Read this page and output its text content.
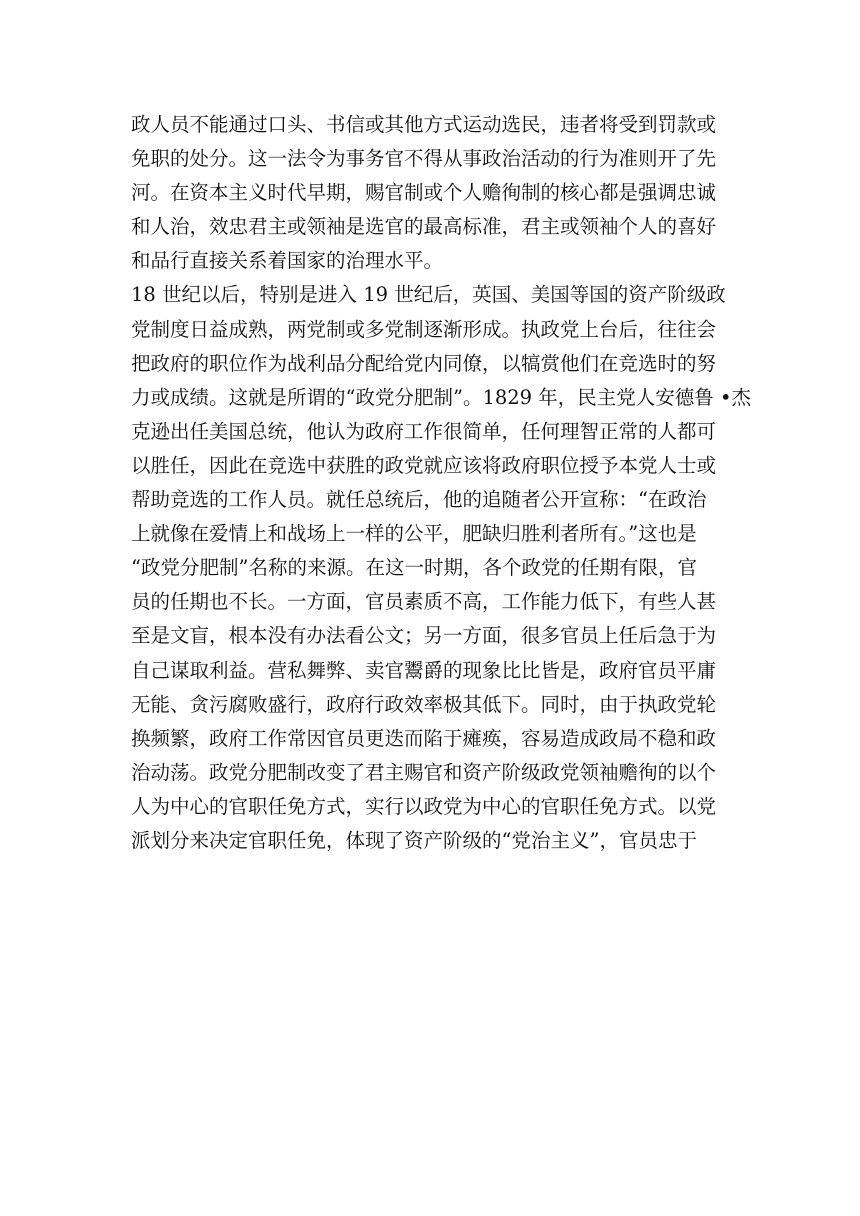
政人员不能通过口头、书信或其他方式运动选民，违者将受到罚款或
免职的处分。这一法令为事务官不得从事政治活动的行为准则开了先
河。在资本主义时代早期，赐官制或个人赡徇制的核心都是强调忠诚
和人治，效忠君主或领袖是选官的最高标准，君主或领袖个人的喜好
和品行直接关系着国家的治理水平。
18 世纪以后，特别是进入 19 世纪后，英国、美国等国的资产阶级政
党制度日益成熟，两党制或多党制逐渐形成。执政党上台后，往往会
把政府的职位作为战利品分配给党内同僚，以犒赏他们在竞选时的努
力或成绩。这就是所谓的“政党分肥制”。1829 年，民主党人安德鲁 •杰
克逊出任美国总统，他认为政府工作很简单，任何理智正常的人都可
以胜任，因此在竞选中获胜的政党就应该将政府职位授予本党人士或
帮助竞选的工作人员。就任总统后，他的追随者公开宣称：“在政治
上就像在爱情上和战场上一样的公平，肥缺归胜利者所有。”这也是
“政党分肥制”名称的来源。在这一时期，各个政党的任期有限，官
员的任期也不长。一方面，官员素质不高，工作能力低下，有些人甚
至是文盲，根本没有办法看公文；另一方面，很多官员上任后急于为
自己谋取利益。营私舞弊、卖官鬻爵的现象比比皆是，政府官员平庸
无能、贪污腐败盛行，政府行政效率极其低下。同时，由于执政党轮
换频繁，政府工作常因官员更迭而陷于瘫痪，容易造成政局不稳和政
治动荡。政党分肥制改变了君主赐官和资产阶级政党领袖赡徇的以个
人为中心的官职任免方式，实行以政党为中心的官职任免方式。以党
派划分来决定官职任免，体现了资产阶级的“党治主义”，官员忠于
